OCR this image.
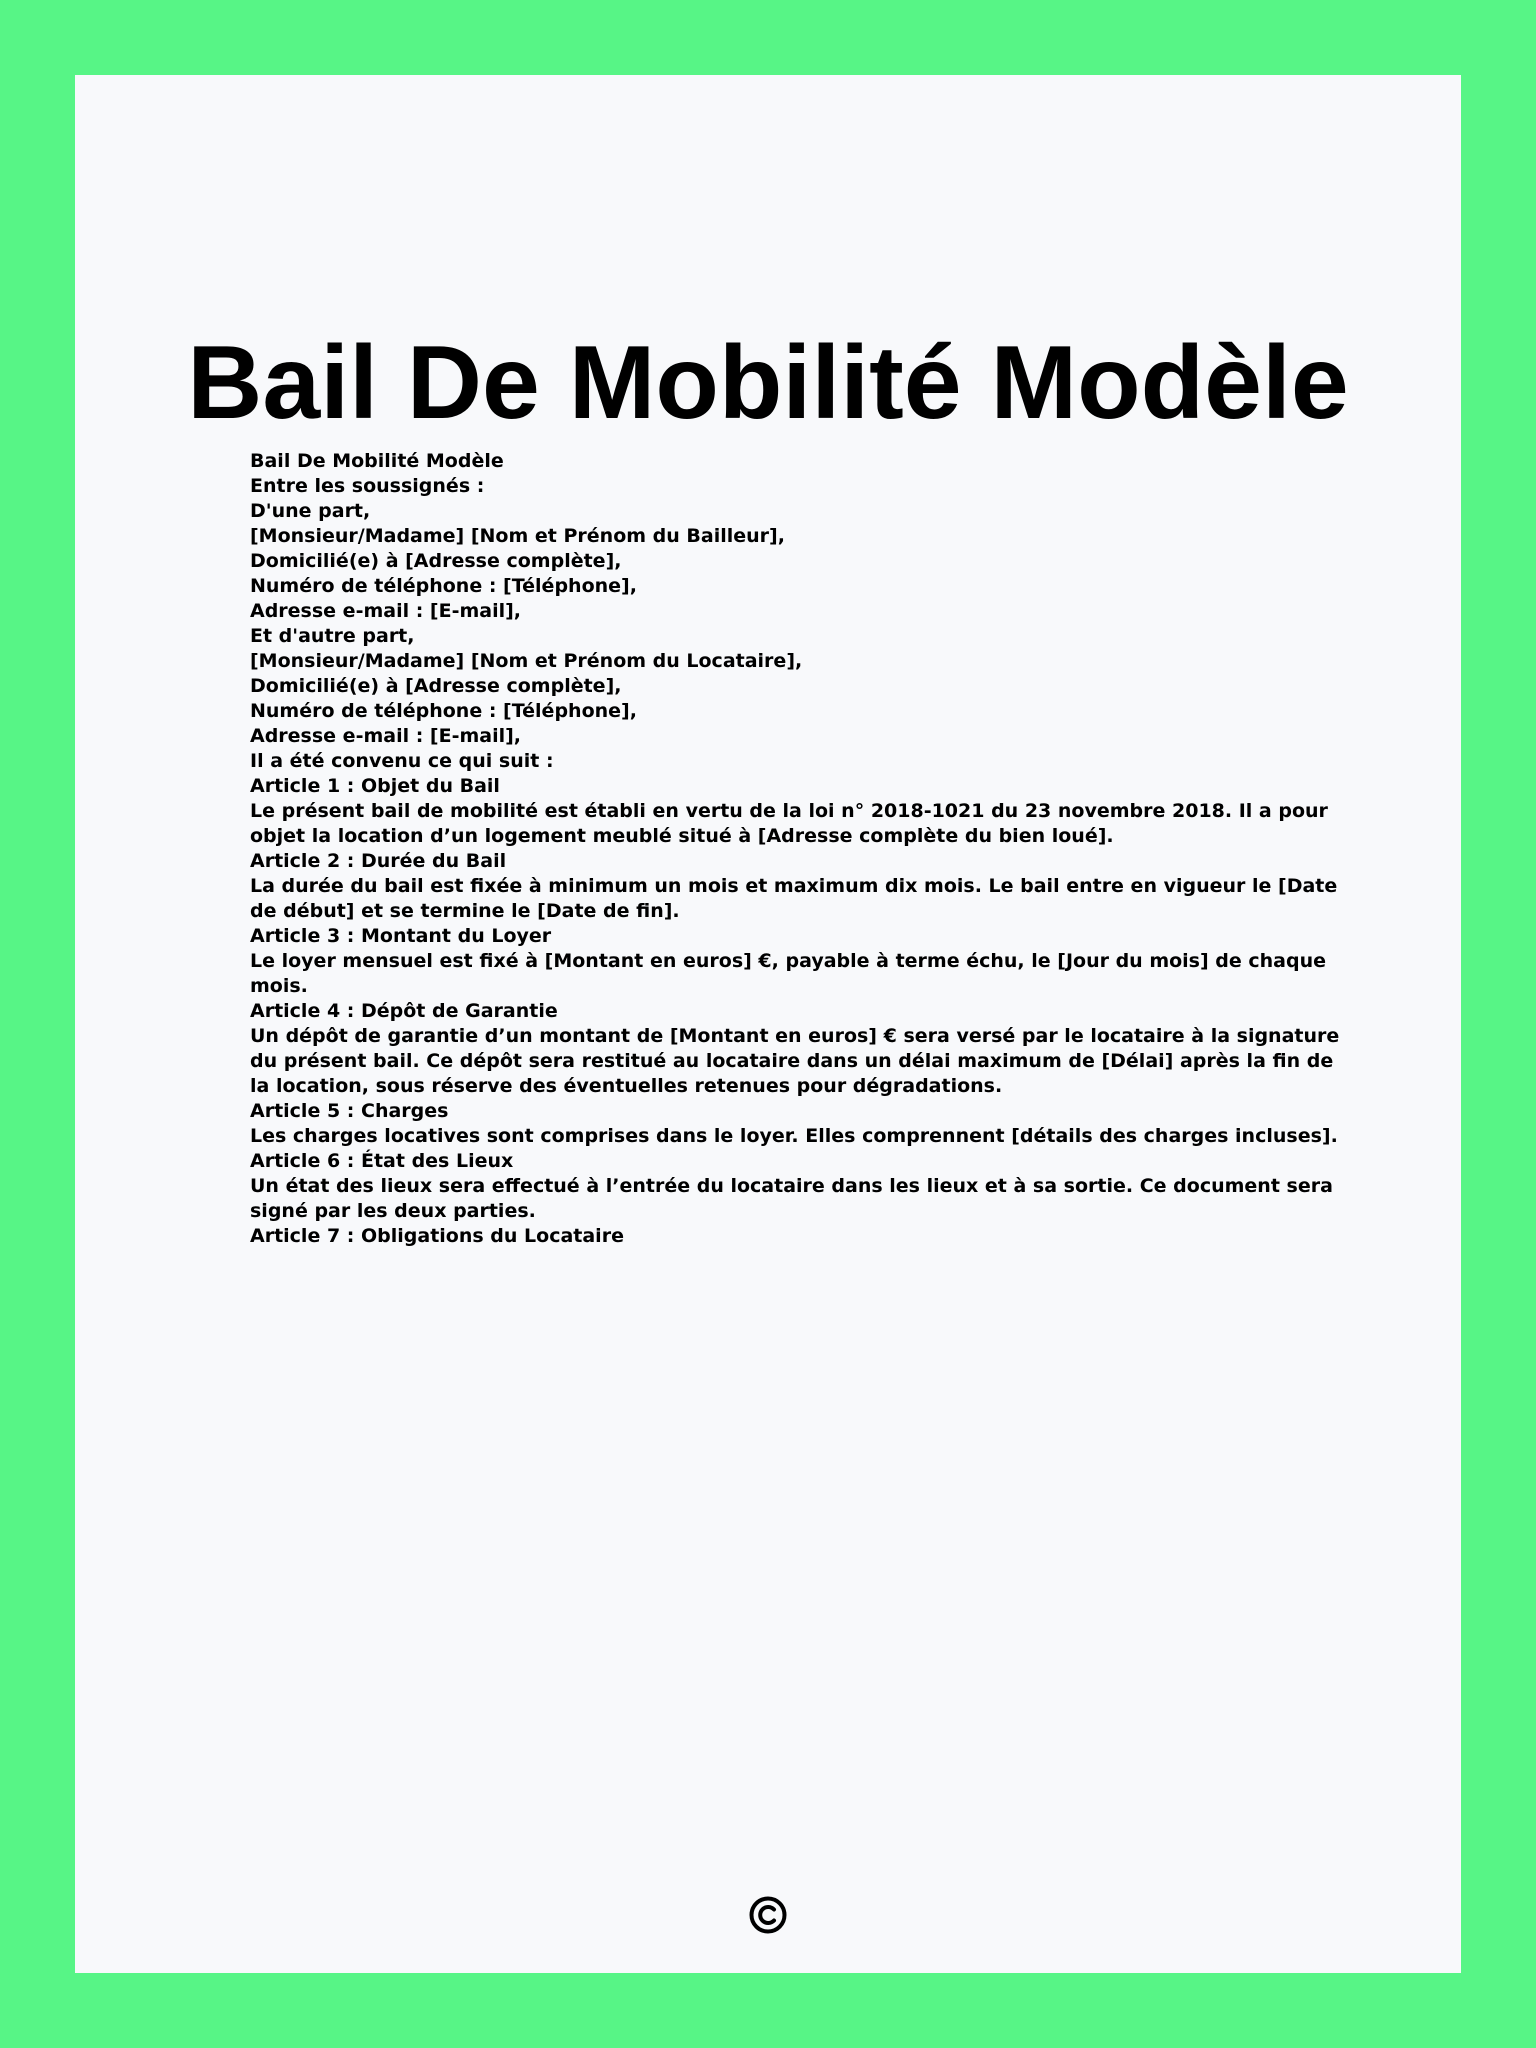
Bail De Mobilité Modèle
Bail De Mobilité Modèle
Entre les soussignés :
D'une part,
[Monsieur/Madame] [Nom et Prénom du Bailleur],
Domicilié(e) à [Adresse complète],
Numéro de téléphone : [Téléphone],
Adresse e-mail : [E-mail],
Et d'autre part,
[Monsieur/Madame] [Nom et Prénom du Locataire],
Domicilié(e) à [Adresse complète],
Numéro de téléphone : [Téléphone],
Adresse e-mail : [E-mail],
Il a été convenu ce qui suit :
Article 1 : Objet du Bail
Le présent bail de mobilité est établi en vertu de la loi n° 2018-1021 du 23 novembre 2018. Il a pour objet la location d’un logement meublé situé à [Adresse complète du bien loué].
Article 2 : Durée du Bail
La durée du bail est fixée à minimum un mois et maximum dix mois. Le bail entre en vigueur le [Date de début] et se termine le [Date de fin].
Article 3 : Montant du Loyer
Le loyer mensuel est fixé à [Montant en euros] €, payable à terme échu, le [Jour du mois] de chaque mois.
Article 4 : Dépôt de Garantie
Un dépôt de garantie d’un montant de [Montant en euros] € sera versé par le locataire à la signature du présent bail. Ce dépôt sera restitué au locataire dans un délai maximum de [Délai] après la fin de la location, sous réserve des éventuelles retenues pour dégradations.
Article 5 : Charges
Les charges locatives sont comprises dans le loyer. Elles comprennent [détails des charges incluses].
Article 6 : État des Lieux
Un état des lieux sera effectué à l’entrée du locataire dans les lieux et à sa sortie. Ce document sera signé par les deux parties.
Article 7 : Obligations du Locataire
